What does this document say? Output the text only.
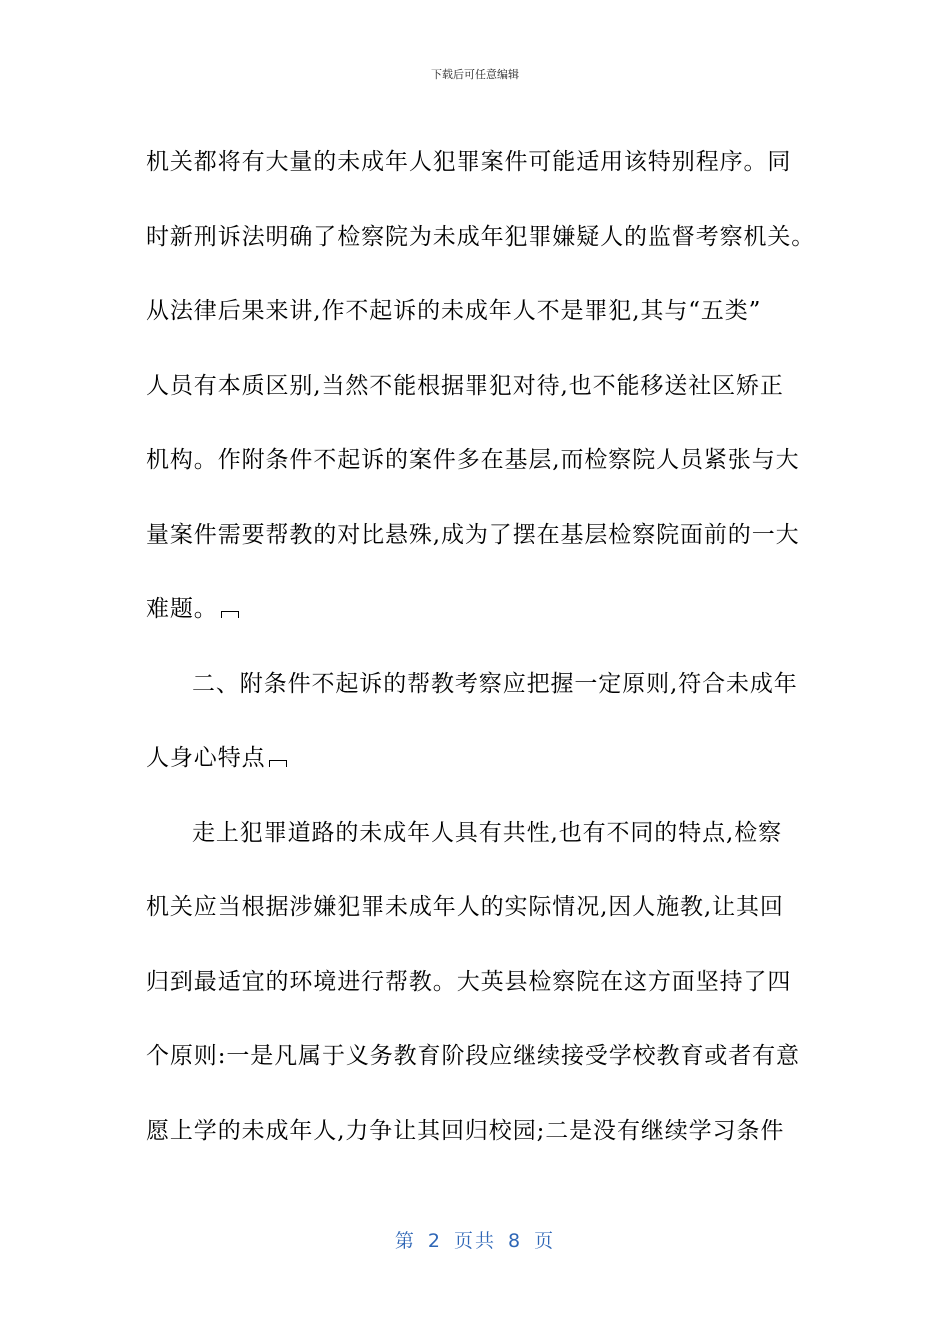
下载后可任意编辑
机关都将有大量的未成年人犯罪案件可能适用该特别程序。同
时新刑诉法明确了检察院为未成年犯罪嫌疑人的监督考察机关。
从法律后果来讲,作不起诉的未成年人不是罪犯,其与“五类”
人员有本质区别,当然不能根据罪犯对待,也不能移送社区矫正
机构。作附条件不起诉的案件多在基层,而检察院人员紧张与大
量案件需要帮教的对比悬殊,成为了摆在基层检察院面前的一大
难题。
二、附条件不起诉的帮教考察应把握一定原则,符合未成年
人身心特点
走上犯罪道路的未成年人具有共性,也有不同的特点,检察
机关应当根据涉嫌犯罪未成年人的实际情况,因人施教,让其回
归到最适宜的环境进行帮教。大英县检察院在这方面坚持了四
个原则:一是凡属于义务教育阶段应继续接受学校教育或者有意
愿上学的未成年人,力争让其回归校园;二是没有继续学习条件
第 2 页共 8 页
